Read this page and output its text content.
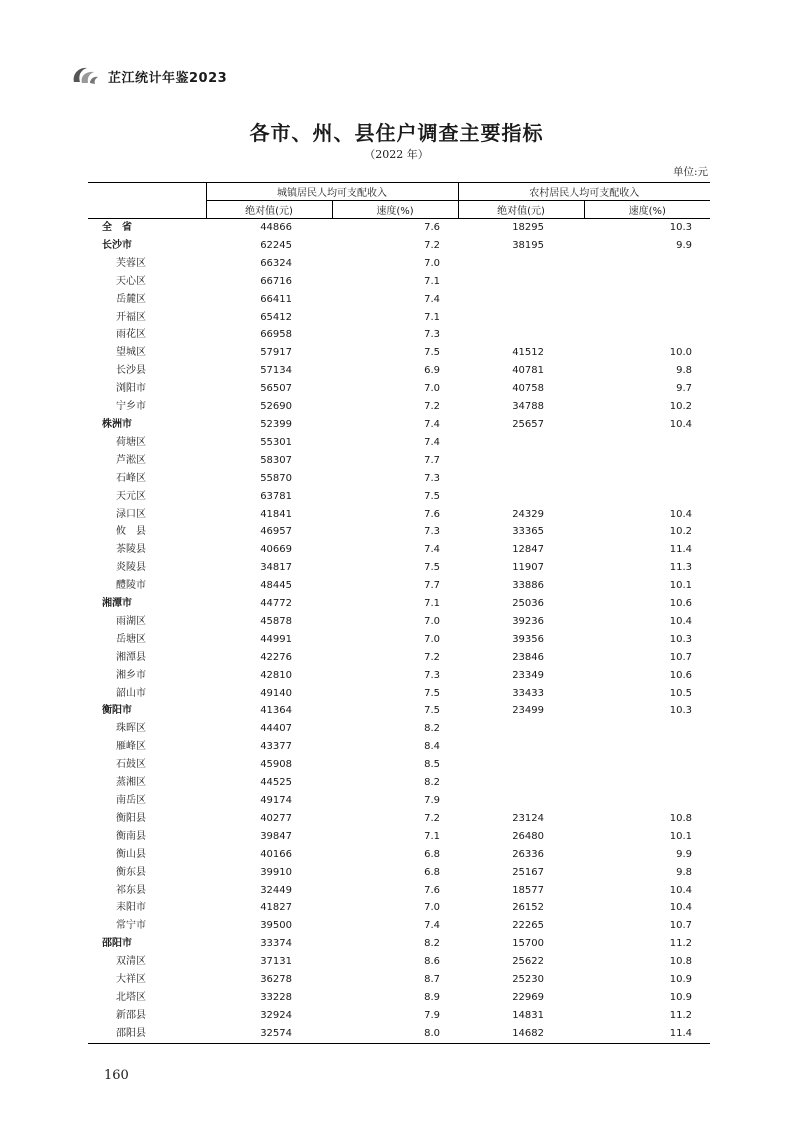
芷江统计年鉴2023
各市、州、县住户调查主要指标
（2022 年）
单位:元
	城镇居民人均可支配收入		农村居民人均可支配收入	
	绝对值(元)	速度(%)	绝对值(元)	速度(%)
全　省	44866	7.6	18295	10.3
长沙市	62245	7.2	38195	9.9
芙蓉区	66324	7.0		
天心区	66716	7.1		
岳麓区	66411	7.4		
开福区	65412	7.1		
雨花区	66958	7.3		
望城区	57917	7.5	41512	10.0
长沙县	57134	6.9	40781	9.8
浏阳市	56507	7.0	40758	9.7
宁乡市	52690	7.2	34788	10.2
株洲市	52399	7.4	25657	10.4
荷塘区	55301	7.4		
芦淞区	58307	7.7		
石峰区	55870	7.3		
天元区	63781	7.5		
渌口区	41841	7.6	24329	10.4
攸　县	46957	7.3	33365	10.2
茶陵县	40669	7.4	12847	11.4
炎陵县	34817	7.5	11907	11.3
醴陵市	48445	7.7	33886	10.1
湘潭市	44772	7.1	25036	10.6
雨湖区	45878	7.0	39236	10.4
岳塘区	44991	7.0	39356	10.3
湘潭县	42276	7.2	23846	10.7
湘乡市	42810	7.3	23349	10.6
韶山市	49140	7.5	33433	10.5
衡阳市	41364	7.5	23499	10.3
珠晖区	44407	8.2		
雁峰区	43377	8.4		
石鼓区	45908	8.5		
蒸湘区	44525	8.2		
南岳区	49174	7.9		
衡阳县	40277	7.2	23124	10.8
衡南县	39847	7.1	26480	10.1
衡山县	40166	6.8	26336	9.9
衡东县	39910	6.8	25167	9.8
祁东县	32449	7.6	18577	10.4
耒阳市	41827	7.0	26152	10.4
常宁市	39500	7.4	22265	10.7
邵阳市	33374	8.2	15700	11.2
双清区	37131	8.6	25622	10.8
大祥区	36278	8.7	25230	10.9
北塔区	33228	8.9	22969	10.9
新邵县	32924	7.9	14831	11.2
邵阳县	32574	8.0	14682	11.4
160
